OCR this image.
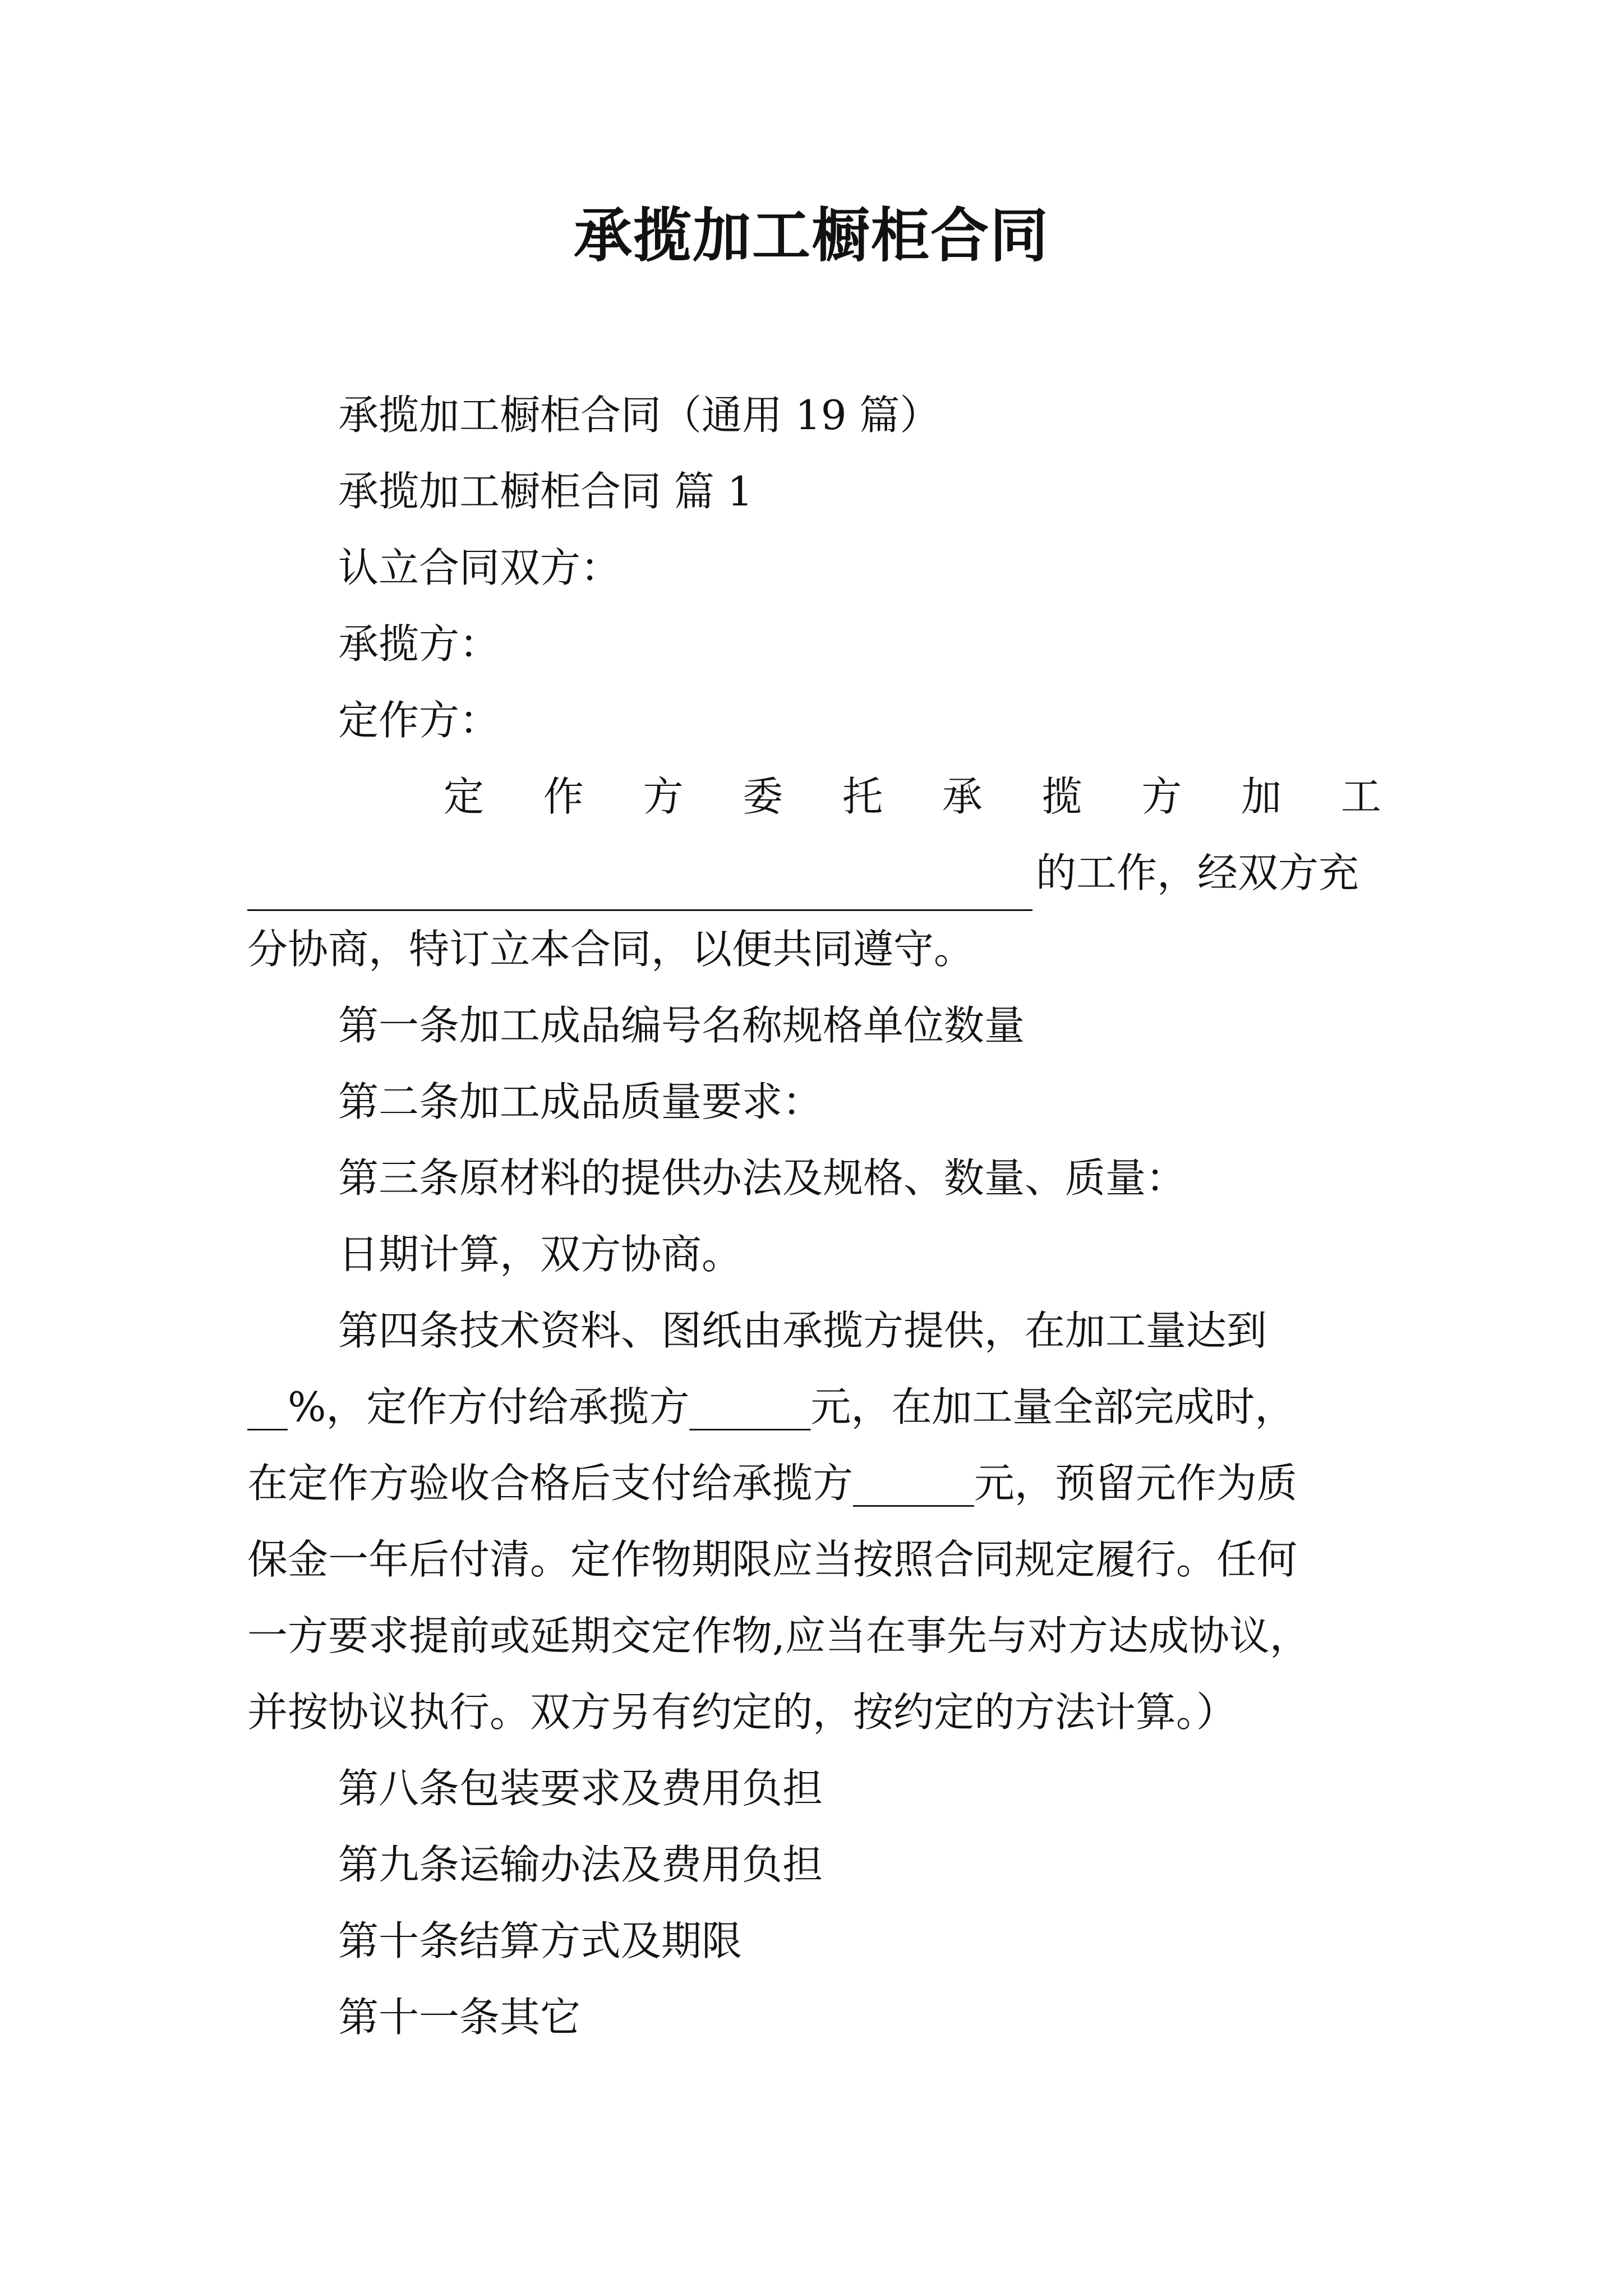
承揽加工橱柜合同

承揽加工橱柜合同（通用 19 篇）

承揽加工橱柜合同 篇 1

认立合同双方：

承揽方：

定作方：

定 作 方 委 托 承 揽 方 加 工

的工作，经双方充

分协商，特订立本合同，以便共同遵守。

第一条加工成品编号名称规格单位数量

第二条加工成品质量要求：

第三条原材料的提供办法及规格、数量、质量：

日期计算，双方协商。

第四条技术资料、图纸由承揽方提供，在加工量达到

__%，定作方付给承揽方______元，在加工量全部完成时，

在定作方验收合格后支付给承揽方______元，预留元作为质

保金一年后付清。定作物期限应当按照合同规定履行。任何

一方要求提前或延期交定作物,应当在事先与对方达成协议，

并按协议执行。双方另有约定的，按约定的方法计算。）

第八条包装要求及费用负担

第九条运输办法及费用负担

第十条结算方式及期限

第十一条其它
